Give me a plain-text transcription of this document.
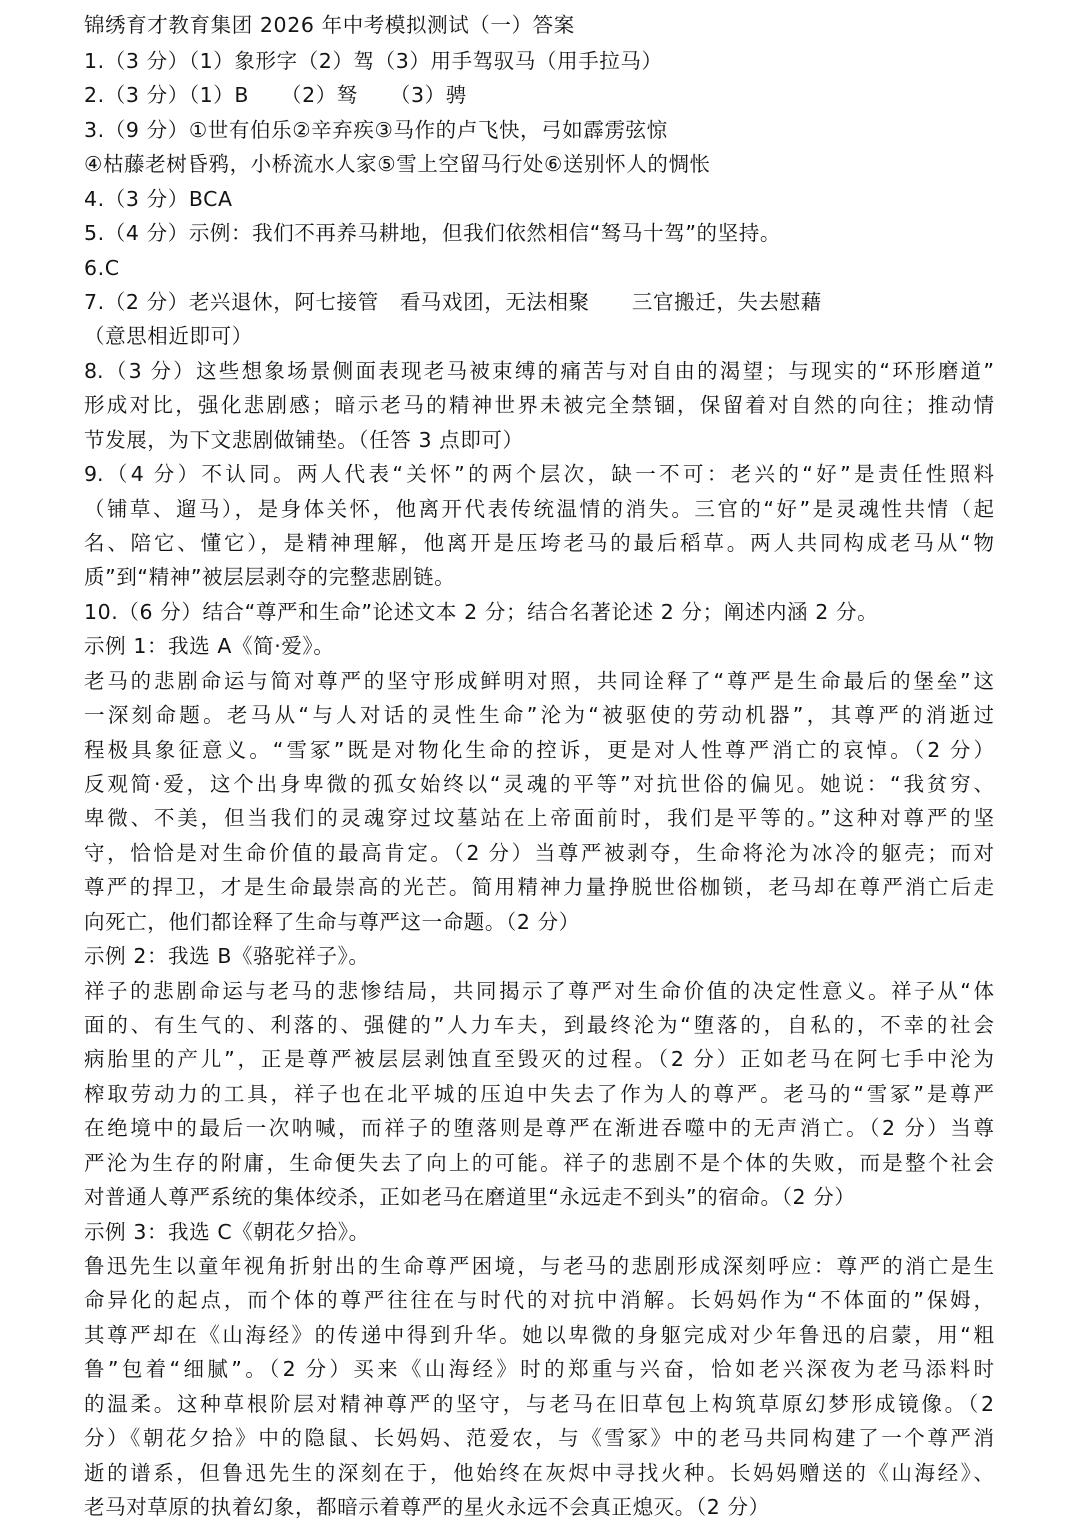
锦绣育才教育集团 2026 年中考模拟测试（一）答案
1.（3 分）（1）象形字（2）驾（3）用手驾驭马（用手拉马）
2.（3 分）（1）B　　（2）驽　　（3）骋
3.（9 分）①世有伯乐②辛弃疾③马作的卢飞快，弓如霹雳弦惊
④枯藤老树昏鸦，小桥流水人家⑤雪上空留马行处⑥送别怀人的惆怅
4.（3 分）BCA
5.（4 分）示例：我们不再养马耕地，但我们依然相信“驽马十驾”的坚持。
6.C
7.（2 分）老兴退休，阿七接管　看马戏团，无法相聚　　三官搬迁，失去慰藉
（意思相近即可）
8.（3 分）这些想象场景侧面表现老马被束缚的痛苦与对自由的渴望；与现实的“环形磨道”
形成对比，强化悲剧感；暗示老马的精神世界未被完全禁锢，保留着对自然的向往；推动情
节发展，为下文悲剧做铺垫。（任答 3 点即可）
9.（4 分）不认同。两人代表“关怀”的两个层次，缺一不可：老兴的“好”是责任性照料
（铺草、遛马），是身体关怀，他离开代表传统温情的消失。三官的“好”是灵魂性共情（起
名、陪它、懂它），是精神理解，他离开是压垮老马的最后稻草。两人共同构成老马从“物
质”到“精神”被层层剥夺的完整悲剧链。
10.（6 分）结合“尊严和生命”论述文本 2 分；结合名著论述 2 分；阐述内涵 2 分。
示例 1：我选 A《简·爱》。
老马的悲剧命运与简对尊严的坚守形成鲜明对照，共同诠释了“尊严是生命最后的堡垒”这
一深刻命题。老马从“与人对话的灵性生命”沦为“被驱使的劳动机器”，其尊严的消逝过
程极具象征意义。“雪冢”既是对物化生命的控诉，更是对人性尊严消亡的哀悼。（2 分）
反观简·爱，这个出身卑微的孤女始终以“灵魂的平等”对抗世俗的偏见。她说：“我贫穷、
卑微、不美，但当我们的灵魂穿过坟墓站在上帝面前时，我们是平等的。”这种对尊严的坚
守，恰恰是对生命价值的最高肯定。（2 分）当尊严被剥夺，生命将沦为冰冷的躯壳；而对
尊严的捍卫，才是生命最崇高的光芒。简用精神力量挣脱世俗枷锁，老马却在尊严消亡后走
向死亡，他们都诠释了生命与尊严这一命题。（2 分）
示例 2：我选 B《骆驼祥子》。
祥子的悲剧命运与老马的悲惨结局，共同揭示了尊严对生命价值的决定性意义。祥子从“体
面的、有生气的、利落的、强健的”人力车夫，到最终沦为“堕落的，自私的，不幸的社会
病胎里的产儿”，正是尊严被层层剥蚀直至毁灭的过程。（2 分）正如老马在阿七手中沦为
榨取劳动力的工具，祥子也在北平城的压迫中失去了作为人的尊严。老马的“雪冢”是尊严
在绝境中的最后一次呐喊，而祥子的堕落则是尊严在渐进吞噬中的无声消亡。（2 分）当尊
严沦为生存的附庸，生命便失去了向上的可能。祥子的悲剧不是个体的失败，而是整个社会
对普通人尊严系统的集体绞杀，正如老马在磨道里“永远走不到头”的宿命。（2 分）
示例 3：我选 C《朝花夕拾》。
鲁迅先生以童年视角折射出的生命尊严困境，与老马的悲剧形成深刻呼应：尊严的消亡是生
命异化的起点，而个体的尊严往往在与时代的对抗中消解。长妈妈作为“不体面的”保姆，
其尊严却在《山海经》的传递中得到升华。她以卑微的身躯完成对少年鲁迅的启蒙，用“粗
鲁”包着“细腻”。（2 分）买来《山海经》时的郑重与兴奋，恰如老兴深夜为老马添料时
的温柔。这种草根阶层对精神尊严的坚守，与老马在旧草包上构筑草原幻梦形成镜像。（2
分）《朝花夕拾》中的隐鼠、长妈妈、范爱农，与《雪冢》中的老马共同构建了一个尊严消
逝的谱系，但鲁迅先生的深刻在于，他始终在灰烬中寻找火种。长妈妈赠送的《山海经》、
老马对草原的执着幻象，都暗示着尊严的星火永远不会真正熄灭。（2 分）
